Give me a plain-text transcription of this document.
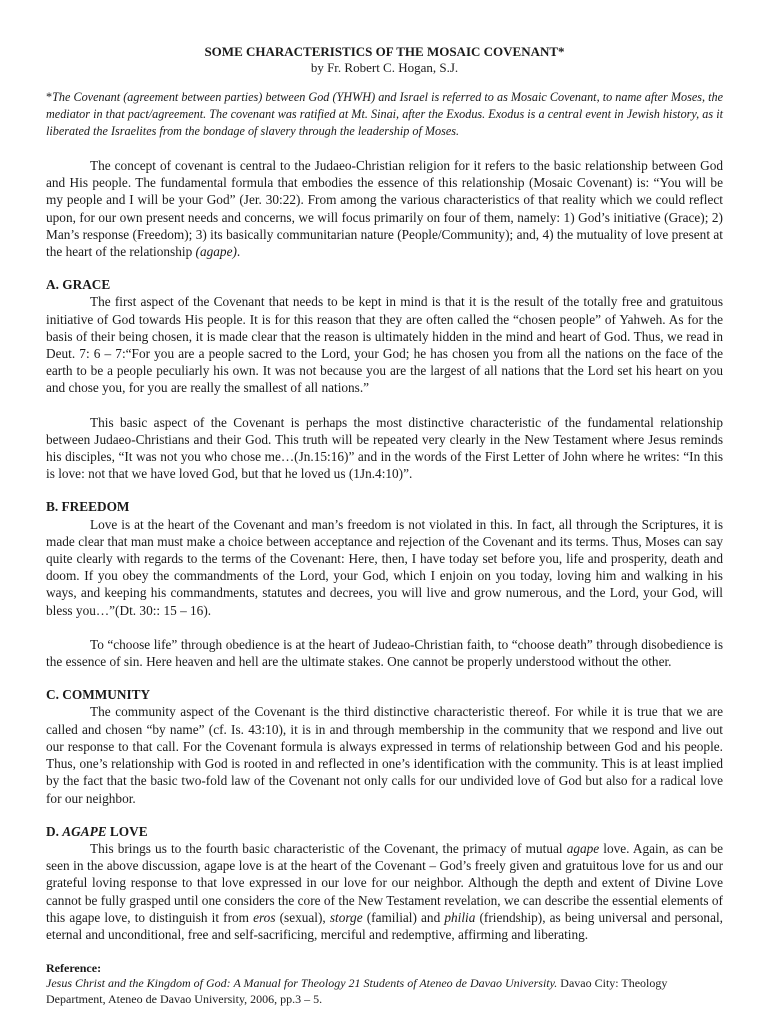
SOME CHARACTERISTICS OF THE MOSAIC COVENANT*
by Fr. Robert C. Hogan, S.J.
*The Covenant (agreement between parties) between God (YHWH) and Israel is referred to as Mosaic Covenant, to name after Moses, the mediator in that pact/agreement. The covenant was ratified at Mt. Sinai, after the Exodus. Exodus is a central event in Jewish history, as it liberated the Israelites from the bondage of slavery through the leadership of Moses.

The concept of covenant is central to the Judaeo-Christian religion for it refers to the basic relationship between God and His people. The fundamental formula that embodies the essence of this relationship (Mosaic Covenant) is: “You will be my people and I will be your God” (Jer. 30:22). From among the various characteristics of that reality which we could reflect upon, for our own present needs and concerns, we will focus primarily on four of them, namely: 1) God’s initiative (Grace); 2) Man’s response (Freedom); 3) its basically communitarian nature (People/Community); and, 4) the mutuality of love present at the heart of the relationship (agape).

A. GRACE

The first aspect of the Covenant that needs to be kept in mind is that it is the result of the totally free and gratuitous initiative of God towards His people. It is for this reason that they are often called the “chosen people” of Yahweh. As for the basis of their being chosen, it is made clear that the reason is ultimately hidden in the mind and heart of God. Thus, we read in Deut. 7: 6 – 7:“For you are a people sacred to the Lord, your God; he has chosen you from all the nations on the face of the earth to be a people peculiarly his own. It was not because you are the largest of all nations that the Lord set his heart on you and chose you, for you are really the smallest of all nations.”

This basic aspect of the Covenant is perhaps the most distinctive characteristic of the fundamental relationship between Judaeo-Christians and their God. This truth will be repeated very clearly in the New Testament where Jesus reminds his disciples, “It was not you who chose me…(Jn.15:16)” and in the words of the First Letter of John where he writes: “In this is love: not that we have loved God, but that he loved us (1Jn.4:10)”.

B. FREEDOM

Love is at the heart of the Covenant and man’s freedom is not violated in this. In fact, all through the Scriptures, it is made clear that man must make a choice between acceptance and rejection of the Covenant and its terms. Thus, Moses can say quite clearly with regards to the terms of the Covenant: Here, then, I have today set before you, life and prosperity, death and doom. If you obey the commandments of the Lord, your God, which I enjoin on you today, loving him and walking in his ways, and keeping his commandments, statutes and decrees, you will live and grow numerous, and the Lord, your God, will bless you…”(Dt. 30:: 15 – 16).

To “choose life” through obedience is at the heart of Judeao-Christian faith, to “choose death” through disobedience is the essence of sin. Here heaven and hell are the ultimate stakes. One cannot be properly understood without the other.

C. COMMUNITY

The community aspect of the Covenant is the third distinctive characteristic thereof. For while it is true that we are called and chosen “by name” (cf. Is. 43:10), it is in and through membership in the community that we respond and live out our response to that call. For the Covenant formula is always expressed in terms of relationship between God and his people. Thus, one’s relationship with God is rooted in and reflected in one’s identification with the community. This is at least implied by the fact that the basic two-fold law of the Covenant not only calls for our undivided love of God but also for a radical love for our neighbor.

D. AGAPE LOVE

This brings us to the fourth basic characteristic of the Covenant, the primacy of mutual agape love. Again, as can be seen in the above discussion, agape love is at the heart of the Covenant – God’s freely given and gratuitous love for us and our grateful loving response to that love expressed in our love for our neighbor. Although the depth and extent of Divine Love cannot be fully grasped until one considers the core of the New Testament revelation, we can describe the essential elements of this agape love, to distinguish it from eros (sexual), storge (familial) and philia (friendship), as being universal and personal, eternal and unconditional, free and self-sacrificing, merciful and redemptive, affirming and liberating.

Reference:
Jesus Christ and the Kingdom of God: A Manual for Theology 21 Students of Ateneo de Davao University. Davao City: Theology Department, Ateneo de Davao University, 2006, pp.3 – 5.
